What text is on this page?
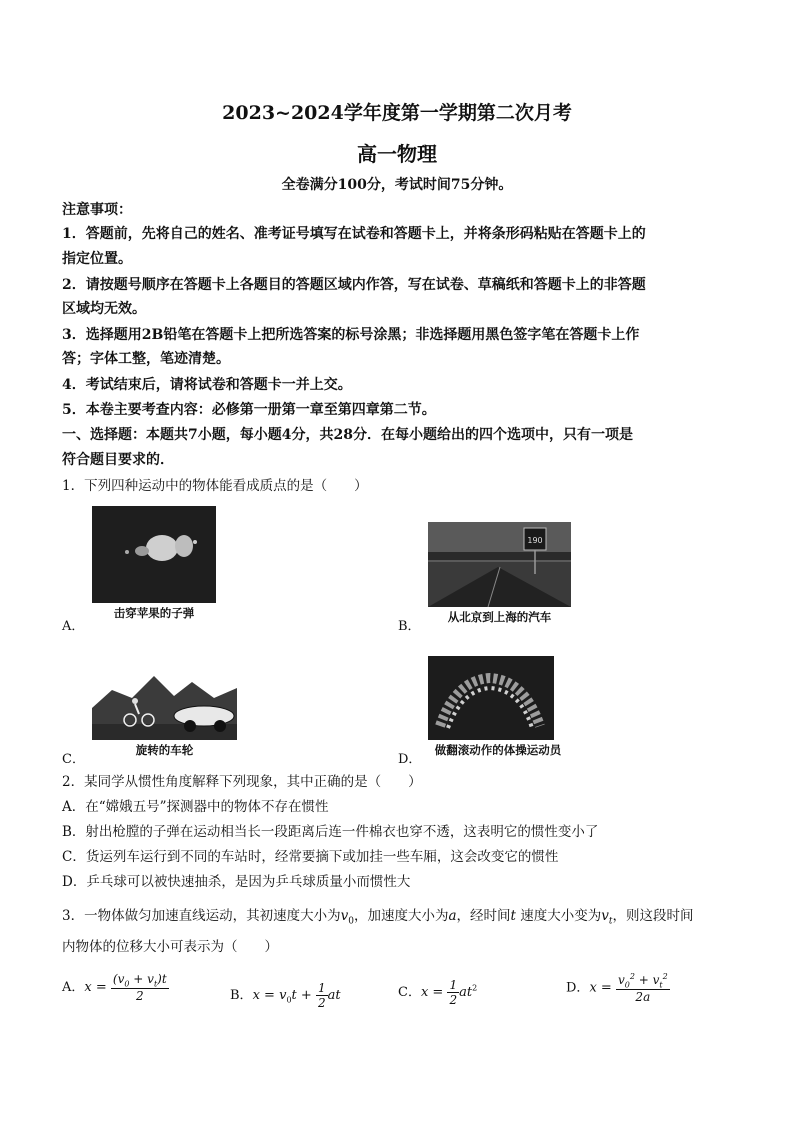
2023~2024学年度第一学期第二次月考
高一物理
全卷满分100分，考试时间75分钟。
注意事项：
1．答题前，先将自己的姓名、准考证号填写在试卷和答题卡上，并将条形码粘贴在答题卡上的
指定位置。
2．请按题号顺序在答题卡上各题目的答题区域内作答，写在试卷、草稿纸和答题卡上的非答题
区域均无效。
3．选择题用2B铅笔在答题卡上把所选答案的标号涂黑；非选择题用黑色签字笔在答题卡上作
答；字体工整，笔迹清楚。
4．考试结束后，请将试卷和答题卡一并上交。
5．本卷主要考查内容：必修第一册第一章至第四章第二节。
一、选择题：本题共7小题，每小题4分，共28分．在每小题给出的四个选项中，只有一项是
符合题目要求的．
1．下列四种运动中的物体能看成质点的是（　　）
A．
击穿苹果的子弹
B．
190
从北京到上海的汽车
C．
旋转的车轮
D．
做翻滚动作的体操运动员
2．某同学从惯性角度解释下列现象，其中正确的是（　　）
A．在“嫦娥五号”探测器中的物体不存在惯性
B．射出枪膛的子弹在运动相当长一段距离后连一件棉衣也穿不透，这表明它的惯性变小了
C．货运列车运行到不同的车站时，经常要摘下或加挂一些车厢，这会改变它的惯性
D．乒乓球可以被快速抽杀，是因为乒乓球质量小而惯性大
3．一物体做匀加速直线运动，其初速度大小为$v_0$，加速度大小为a，经时间t 速度大小变为$v_t$，则这段时间
内物体的位移大小可表示为（　　）
A．$x = \frac{(v_0 + v_t)t}{2}$	B．$x = v_0t + \frac{1}{2}$ at	C．$x = \frac{1}{2} at^2$	D．$x = \frac{v_0^2 + v_t^2}{2a}$
